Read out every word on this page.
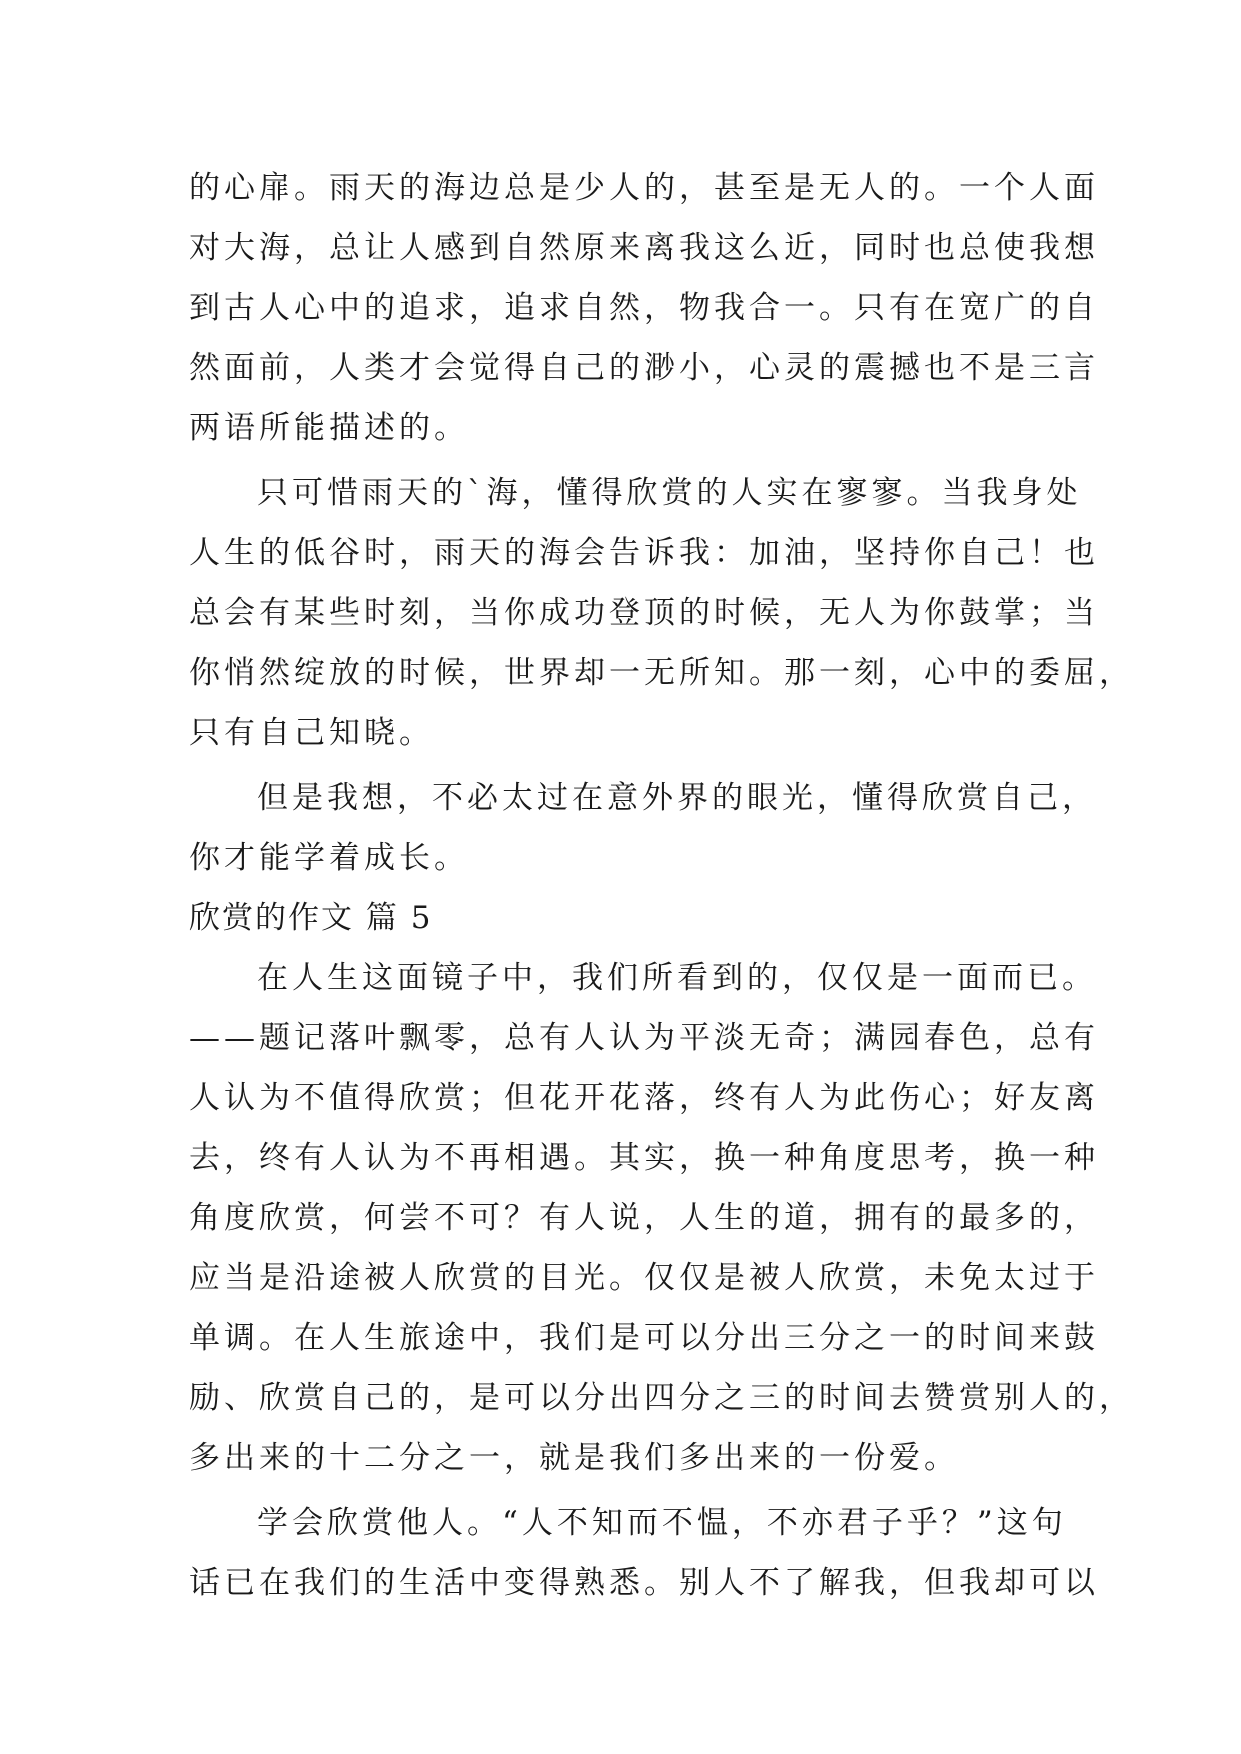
的心扉。雨天的海边总是少人的，甚至是无人的。一个人面
对大海，总让人感到自然原来离我这么近，同时也总使我想
到古人心中的追求，追求自然，物我合一。只有在宽广的自
然面前，人类才会觉得自己的渺小，心灵的震撼也不是三言
两语所能描述的。
只可惜雨天的`海，懂得欣赏的人实在寥寥。当我身处
人生的低谷时，雨天的海会告诉我：加油，坚持你自己！也
总会有某些时刻，当你成功登顶的时候，无人为你鼓掌；当
你悄然绽放的时候，世界却一无所知。那一刻，心中的委屈，
只有自己知晓。
但是我想，不必太过在意外界的眼光，懂得欣赏自己，
你才能学着成长。
欣赏的作文 篇 5
在人生这面镜子中，我们所看到的，仅仅是一面而已。
——题记落叶飘零，总有人认为平淡无奇；满园春色，总有
人认为不值得欣赏；但花开花落，终有人为此伤心；好友离
去，终有人认为不再相遇。其实，换一种角度思考，换一种
角度欣赏，何尝不可？有人说，人生的道，拥有的最多的，
应当是沿途被人欣赏的目光。仅仅是被人欣赏，未免太过于
单调。在人生旅途中，我们是可以分出三分之一的时间来鼓
励、欣赏自己的，是可以分出四分之三的时间去赞赏别人的，
多出来的十二分之一，就是我们多出来的一份爱。
学会欣赏他人。“人不知而不愠，不亦君子乎？”这句
话已在我们的生活中变得熟悉。别人不了解我，但我却可以
